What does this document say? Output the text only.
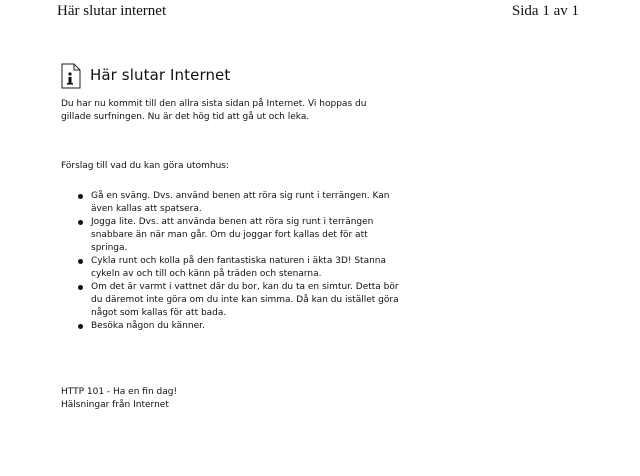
Här slutar internet	Sida 1 av 1
Här slutar Internet

Du har nu kommit till den allra sista sidan på Internet. Vi hoppas du gillade surfningen. Nu är det hög tid att gå ut och leka.

Förslag till vad du kan göra utomhus:

Gå en sväng. Dvs. använd benen att röra sig runt i terrängen. Kan även kallas att spatsera.
Jogga lite. Dvs. att använda benen att röra sig runt i terrängen snabbare än när man går. Om du joggar fort kallas det för att springa.
Cykla runt och kolla på den fantastiska naturen i äkta 3D! Stanna cykeln av och till och känn på träden och stenarna.
Om det är varmt i vattnet där du bor, kan du ta en simtur. Detta bör du däremot inte göra om du inte kan simma. Då kan du istället göra något som kallas för att bada.
Besöka någon du känner.
HTTP 101 - Ha en fin dag!
Hälsningar från Internet
